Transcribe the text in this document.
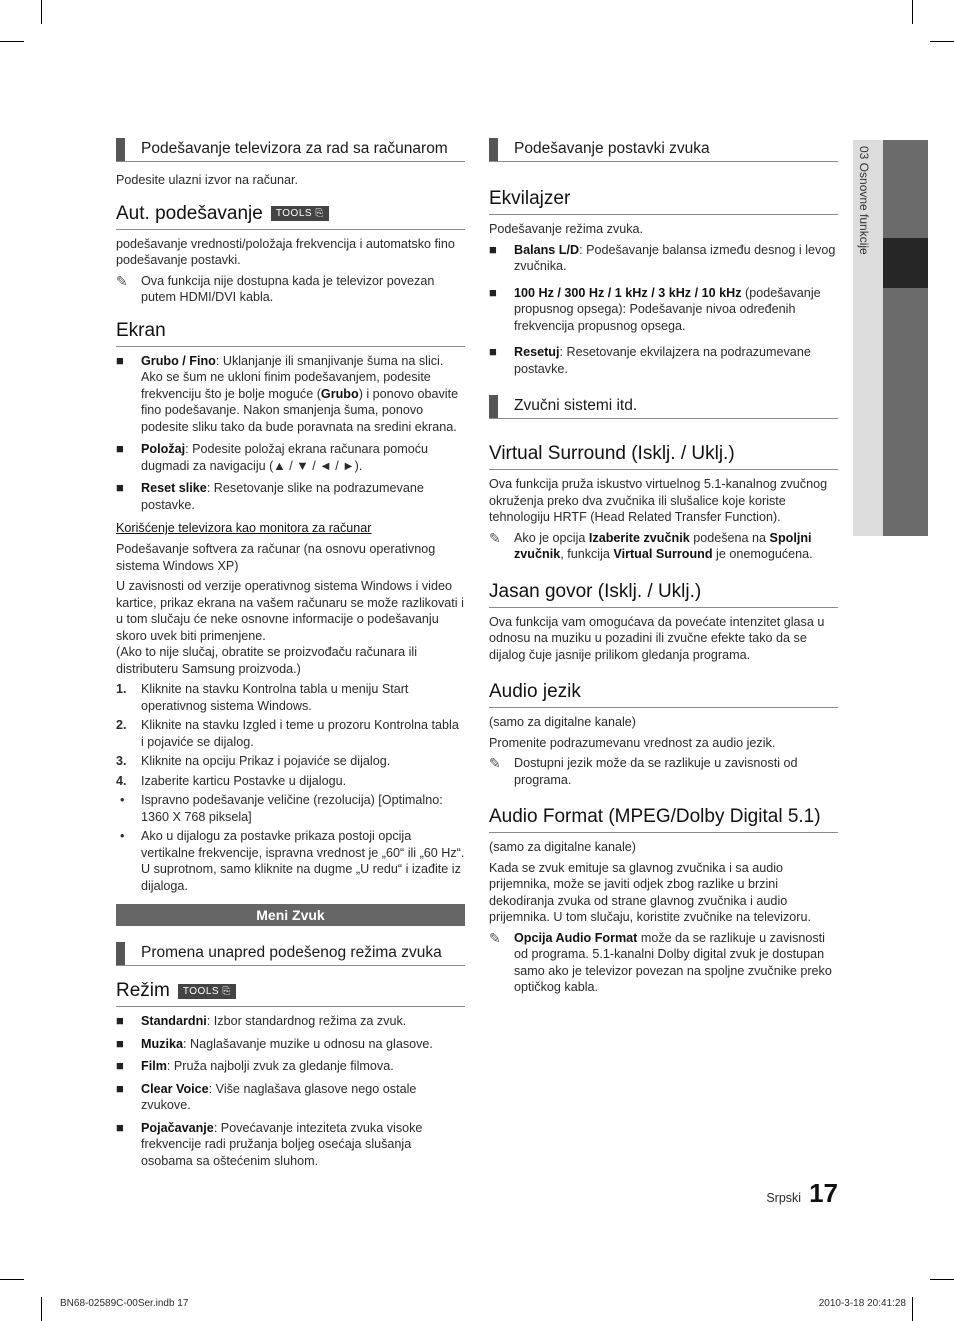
Podešavanje televizora za rad sa računarom

Podesite ulazni izvor na računar.

Aut. podešavanje	TOOLS ⎘

podešavanje vrednosti/položaja frekvencija i automatsko fino podešavanje postavki.

✎	Ova funkcija nije dostupna kada je televizor povezan putem HDMI/DVI kabla.
Ekran
■	Grubo / Fino: Uklanjanje ili smanjivanje šuma na slici. Ako se šum ne ukloni finim podešavanjem, podesite frekvenciju što je bolje moguće (Grubo) i ponovo obavite fino podešavanje. Nakon smanjenja šuma, ponovo podesite sliku tako da bude poravnata na sredini ekrana.
■	Položaj: Podesite položaj ekrana računara pomoću dugmadi za navigaciju (▲ / ▼ / ◄ / ►).
■	Reset slike: Resetovanje slike na podrazumevane postavke.
Korišćenje televizora kao monitora za računar

Podešavanje softvera za računar (na osnovu operativnog sistema Windows XP)

U zavisnosti od verzije operativnog sistema Windows i video kartice, prikaz ekrana na vašem računaru se može razlikovati i u tom slučaju će neke osnovne informacije o podešavanju skoro uvek biti primenjene.

(Ako to nije slučaj, obratite se proizvođaču računara ili distributeru Samsung proizvoda.)

1.	Kliknite na stavku Kontrolna tabla u meniju Start operativnog sistema Windows.
2.	Kliknite na stavku Izgled i teme u prozoru Kontrolna tabla i pojaviće se dijalog.
3.	Kliknite na opciju Prikaz i pojaviće se dijalog.
4.	Izaberite karticu Postavke u dijalogu.
•	Ispravno podešavanje veličine (rezolucija) [Optimalno: 1360 X 768 piksela]
•	Ako u dijalogu za postavke prikaza postoji opcija vertikalne frekvencije, ispravna vrednost je „60“ ili „60 Hz“. U suprotnom, samo kliknite na dugme „U redu“ i izađite iz dijaloga.
Meni Zvuk
Promena unapred podešenog režima zvuka
Režim	TOOLS ⎘
■	Standardni: Izbor standardnog režima za zvuk.
■	Muzika: Naglašavanje muzike u odnosu na glasove.
■	Film: Pruža najbolji zvuk za gledanje filmova.
■	Clear Voice: Više naglašava glasove nego ostale zvukove.
■	Pojačavanje: Povećavanje inteziteta zvuka visoke frekvencije radi pružanja boljeg osećaja slušanja osobama sa oštećenim sluhom.
Podešavanje postavki zvuka
Ekvilajzer

Podešavanje režima zvuka.

■	Balans L/D: Podešavanje balansa između desnog i levog zvučnika.
■	100 Hz / 300 Hz / 1 kHz / 3 kHz / 10 kHz (podešavanje propusnog opsega): Podešavanje nivoa određenih frekvencija propusnog opsega.
■	Resetuj: Resetovanje ekvilajzera na podrazumevane postavke.
Zvučni sistemi itd.
Virtual Surround (Isklj. / Uklj.)

Ova funkcija pruža iskustvo virtuelnog 5.1-kanalnog zvučnog okruženja preko dva zvučnika ili slušalice koje koriste tehnologiju HRTF (Head Related Transfer Function).

✎	Ako je opcija Izaberite zvučnik podešena na Spoljni zvučnik, funkcija Virtual Surround je onemogućena.
Jasan govor (Isklj. / Uklj.)

Ova funkcija vam omogućava da povećate intenzitet glasa u odnosu na muziku u pozadini ili zvučne efekte tako da se dijalog čuje jasnije prilikom gledanja programa.

Audio jezik

(samo za digitalne kanale)

Promenite podrazumevanu vrednost za audio jezik.

✎	Dostupni jezik može da se razlikuje u zavisnosti od programa.
Audio Format (MPEG/Dolby Digital 5.1)

(samo za digitalne kanale)

Kada se zvuk emituje sa glavnog zvučnika i sa audio prijemnika, može se javiti odjek zbog razlike u brzini dekodiranja zvuka od strane glavnog zvučnika i audio prijemnika. U tom slučaju, koristite zvučnike na televizoru.

✎	Opcija Audio Format može da se razlikuje u zavisnosti od programa. 5.1-kanalni Dolby digital zvuk je dostupan samo ako je televizor povezan na spoljne zvučnike preko optičkog kabla.
03 Osnovne funkcije
Srpski 17
BN68-02589C-00Ser.indb 17	2010-3-18 20:41:28
